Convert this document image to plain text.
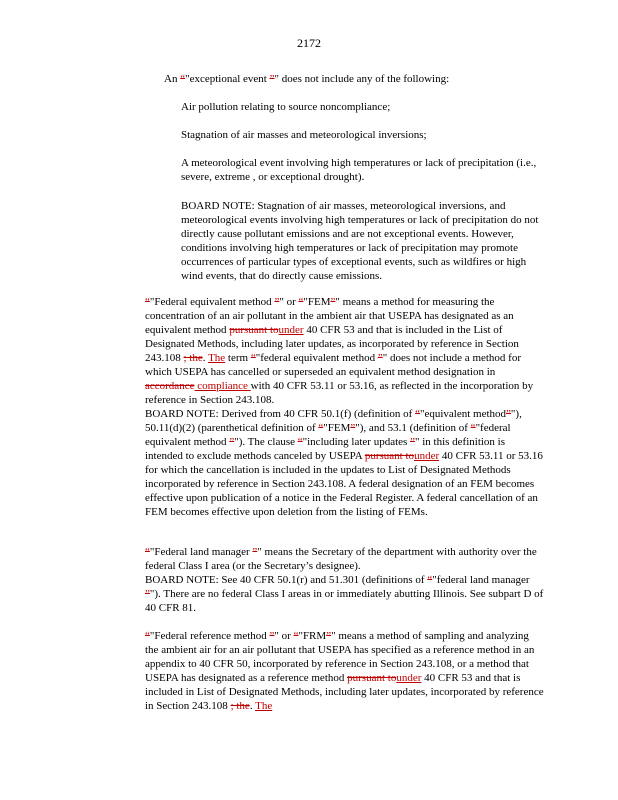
2172
An “"exceptional event ”" does not include any of the following:
Air pollution relating to source noncompliance;
Stagnation of air masses and meteorological inversions;
A meteorological event involving high temperatures or lack of precipitation (i.e., severe, extreme , or exceptional drought).
BOARD NOTE: Stagnation of air masses, meteorological inversions, and meteorological events involving high temperatures or lack of precipitation do not directly cause pollutant emissions and are not exceptional events. However, conditions involving high temperatures or lack of precipitation may promote occurrences of particular types of exceptional events, such as wildfires or high wind events, that do directly cause emissions.
“"Federal equivalent method ”" or “"FEM”" means a method for measuring the concentration of an air pollutant in the ambient air that USEPA has designated as an equivalent method pursuant tounder 40 CFR 53 and that is included in the List of Designated Methods, including later updates, as incorporated by reference in Section 243.108 ; the. The term “"federal equivalent method ”" does not include a method for which USEPA has cancelled or superseded an equivalent method designation in accordance compliance with 40 CFR 53.11 or 53.16, as reflected in the incorporation by reference in Section 243.108.
BOARD NOTE: Derived from 40 CFR 50.1(f) (definition of “"equivalent method”"), 50.11(d)(2) (parenthetical definition of “"FEM”"), and 53.1 (definition of “"federal equivalent method ”"). The clause “"including later updates ”" in this definition is intended to exclude methods canceled by USEPA pursuant tounder 40 CFR 53.11 or 53.16 for which the cancellation is included in the updates to List of Designated Methods incorporated by reference in Section 243.108. A federal designation of an FEM becomes effective upon publication of a notice in the Federal Register. A federal cancellation of an FEM becomes effective upon deletion from the listing of FEMs.
“"Federal land manager ”" means the Secretary of the department with authority over the federal Class I area (or the Secretary’s designee).
BOARD NOTE: See 40 CFR 50.1(r) and 51.301 (definitions of “"federal land manager ”"). There are no federal Class I areas in or immediately abutting Illinois. See subpart D of 40 CFR 81.
“"Federal reference method ”" or “"FRM”" means a method of sampling and analyzing the ambient air for an air pollutant that USEPA has specified as a reference method in an appendix to 40 CFR 50, incorporated by reference in Section 243.108, or a method that USEPA has designated as a reference method pursuant tounder 40 CFR 53 and that is included in List of Designated Methods, including later updates, incorporated by reference in Section 243.108 ; the. The
